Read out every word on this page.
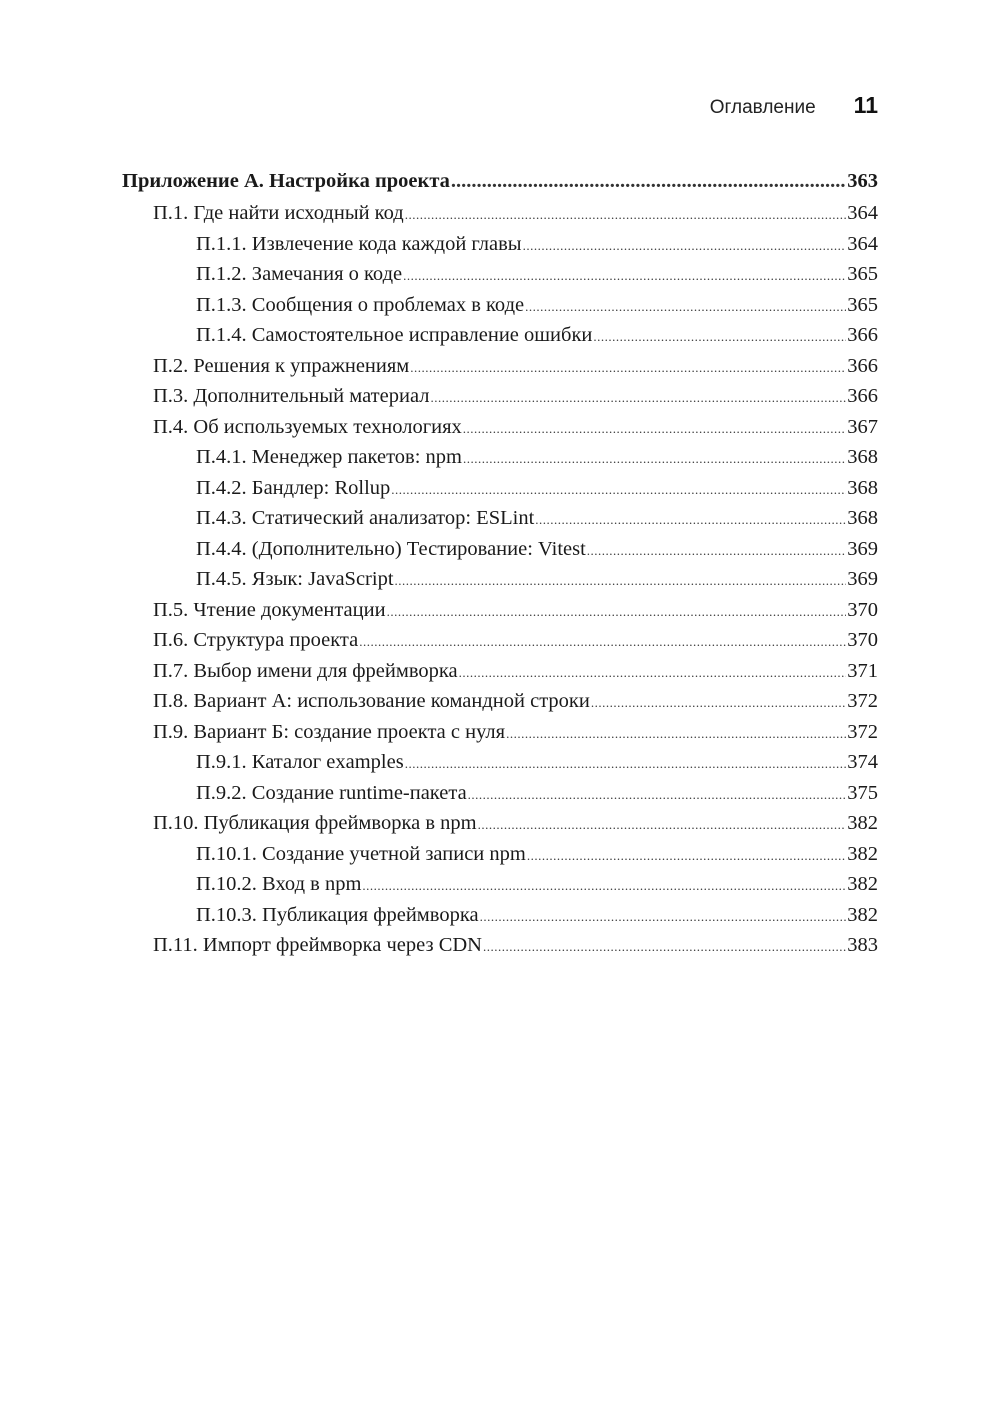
Оглавление 11
Приложение А. Настройка проекта .....	363
П.1. Где найти исходный код .....	364
П.1.1. Извлечение кода каждой главы .....	364
П.1.2. Замечания о коде .....	365
П.1.3. Сообщения о проблемах в коде .....	365
П.1.4. Самостоятельное исправление ошибки .....	366
П.2. Решения к упражнениям .....	366
П.3. Дополнительный материал .....	366
П.4. Об используемых технологиях .....	367
П.4.1. Менеджер пакетов: npm .....	368
П.4.2. Бандлер: Rollup .....	368
П.4.3. Статический анализатор: ESLint .....	368
П.4.4. (Дополнительно) Тестирование: Vitest .....	369
П.4.5. Язык: JavaScript .....	369
П.5. Чтение документации .....	370
П.6. Структура проекта .....	370
П.7. Выбор имени для фреймворка .....	371
П.8. Вариант А: использование командной строки .....	372
П.9. Вариант Б: создание проекта с нуля .....	372
П.9.1. Каталог examples .....	374
П.9.2. Создание runtime-пакета .....	375
П.10. Публикация фреймворка в npm .....	382
П.10.1. Создание учетной записи npm .....	382
П.10.2. Вход в npm .....	382
П.10.3. Публикация фреймворка .....	382
П.11. Импорт фреймворка через CDN .....	383
